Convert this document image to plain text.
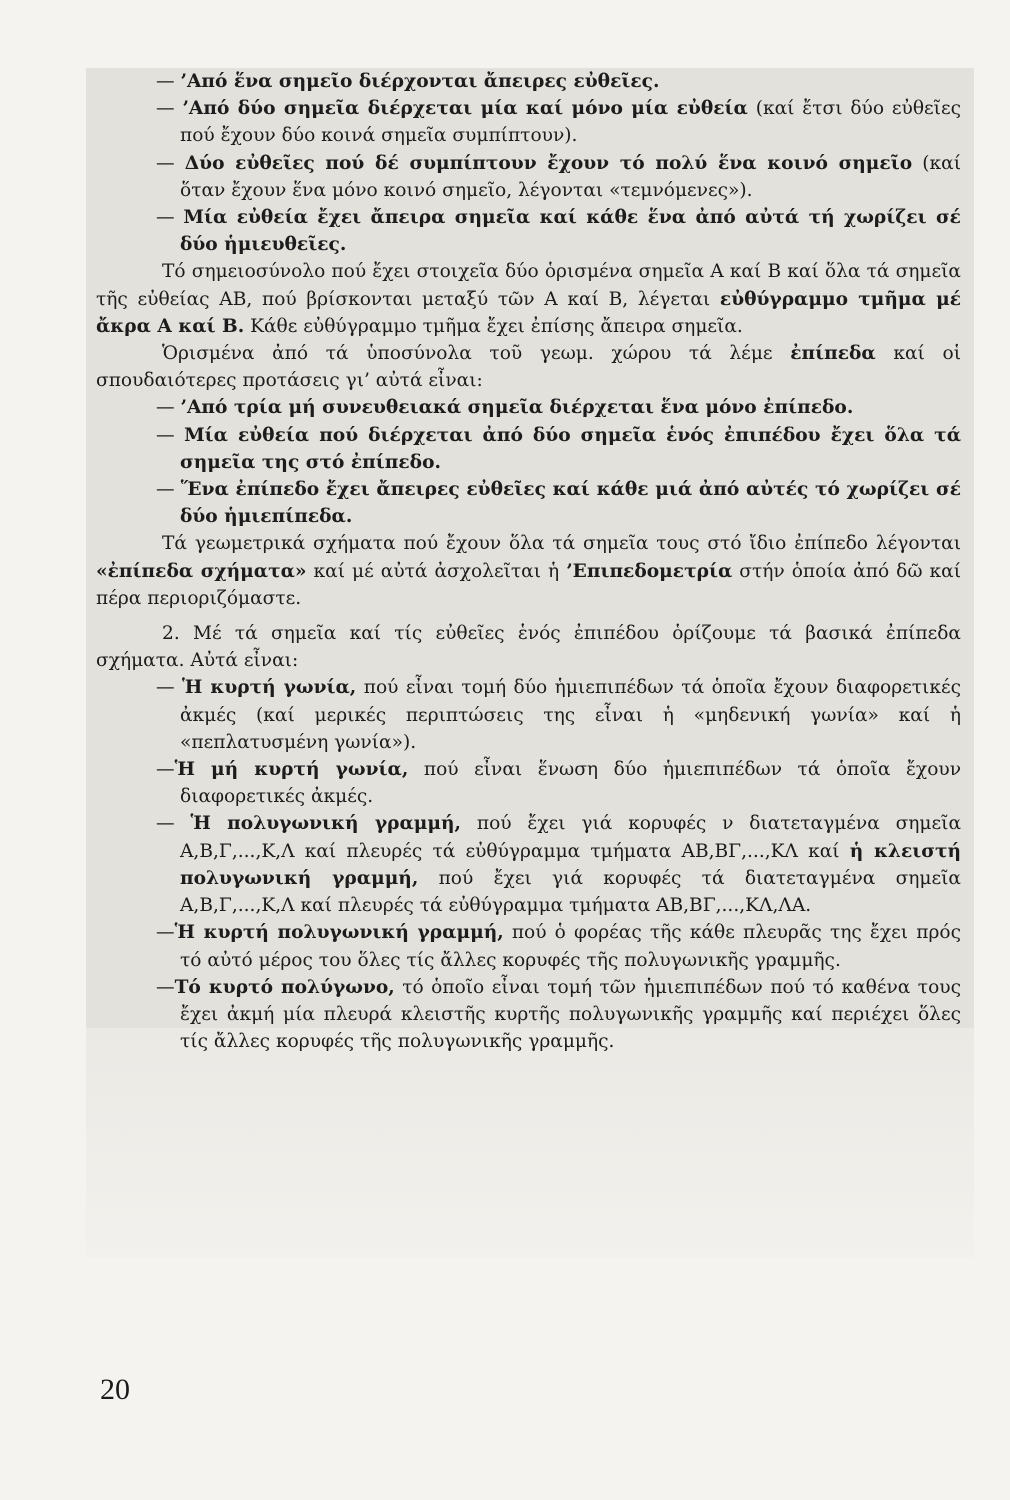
— ’Από ἕνα σημεῖο διέρχονται ἄπειρες εὐθεῖες.

— ’Από δύο σημεῖα διέρχεται μία καί μόνο μία εὐθεία (καί ἔτσι δύο εὐθεῖες πού ἔχουν δύο κοινά σημεῖα συμπίπτουν).

— Δύο εὐθεῖες πού δέ συμπίπτουν ἔχουν τό πολύ ἕνα κοινό σημεῖο (καί ὅταν ἔχουν ἕνα μόνο κοινό σημεῖο, λέγονται «τεμνόμενες»).

— Μία εὐθεία ἔχει ἄπειρα σημεῖα καί κάθε ἕνα ἀπό αὐτά τή χωρίζει σέ δύο ἡμιευθεῖες.

Τό σημειοσύνολο πού ἔχει στοιχεῖα δύο ὁρισμένα σημεῖα Α καί Β καί ὅλα τά σημεῖα τῆς εὐθείας ΑΒ, πού βρίσκονται μεταξύ τῶν Α καί Β, λέγεται εὐθύγραμμο τμῆμα μέ ἄκρα Α καί Β. Κάθε εὐθύγραμμο τμῆμα ἔχει ἐπίσης ἄπειρα σημεῖα.

Ὁρισμένα ἀπό τά ὑποσύνολα τοῦ γεωμ. χώρου τά λέμε ἐπίπεδα καί οἱ σπουδαιότερες προτάσεις γι’ αὐτά εἶναι:

— ’Από τρία μή συνευθειακά σημεῖα διέρχεται ἕνα μόνο ἐπίπεδο.

— Μία εὐθεία πού διέρχεται ἀπό δύο σημεῖα ἑνός ἐπιπέδου ἔχει ὅλα τά σημεῖα της στό ἐπίπεδο.

— Ἕνα ἐπίπεδο ἔχει ἄπειρες εὐθεῖες καί κάθε μιά ἀπό αὐτές τό χωρίζει σέ δύο ἡμιεπίπεδα.

Τά γεωμετρικά σχήματα πού ἔχουν ὅλα τά σημεῖα τους στό ἴδιο ἐπίπεδο λέγονται «ἐπίπεδα σχήματα» καί μέ αὐτά ἀσχολεῖται ἡ ’Επιπεδομετρία στήν ὁποία ἀπό δῶ καί πέρα περιοριζόμαστε.

2. Μέ τά σημεῖα καί τίς εὐθεῖες ἑνός ἐπιπέδου ὁρίζουμε τά βασικά ἐπίπεδα σχήματα. Αὐτά εἶναι:

— Ἡ κυρτή γωνία, πού εἶναι τομή δύο ἡμιεπιπέδων τά ὁποῖα ἔχουν διαφορετικές ἀκμές (καί μερικές περιπτώσεις της εἶναι ἡ «μηδενική γωνία» καί ἡ «πεπλατυσμένη γωνία»).

—Ἡ μή κυρτή γωνία, πού εἶναι ἕνωση δύο ἡμιεπιπέδων τά ὁποῖα ἔχουν διαφορετικές ἀκμές.

— Ἡ πολυγωνική γραμμή, πού ἔχει γιά κορυφές ν διατεταγμένα σημεῖα Α,Β,Γ,...,Κ,Λ καί πλευρές τά εὐθύγραμμα τμήματα ΑΒ,ΒΓ,...,ΚΛ καί ἡ κλειστή πολυγωνική γραμμή, πού ἔχει γιά κορυφές τά διατεταγμένα σημεῖα Α,Β,Γ,...,Κ,Λ καί πλευρές τά εὐθύγραμμα τμήματα ΑΒ,ΒΓ,...,ΚΛ,ΛΑ.

—Ἡ κυρτή πολυγωνική γραμμή, πού ὁ φορέας τῆς κάθε πλευρᾶς της ἔχει πρός τό αὐτό μέρος του ὅλες τίς ἄλλες κορυφές τῆς πολυγωνικῆς γραμμῆς.

—Τό κυρτό πολύγωνο, τό ὁποῖο εἶναι τομή τῶν ἡμιεπιπέδων πού τό καθένα τους ἔχει ἀκμή μία πλευρά κλειστῆς κυρτῆς πολυγωνικῆς γραμμῆς καί περιέχει ὅλες τίς ἄλλες κορυφές τῆς πολυγωνικῆς γραμμῆς.

20
